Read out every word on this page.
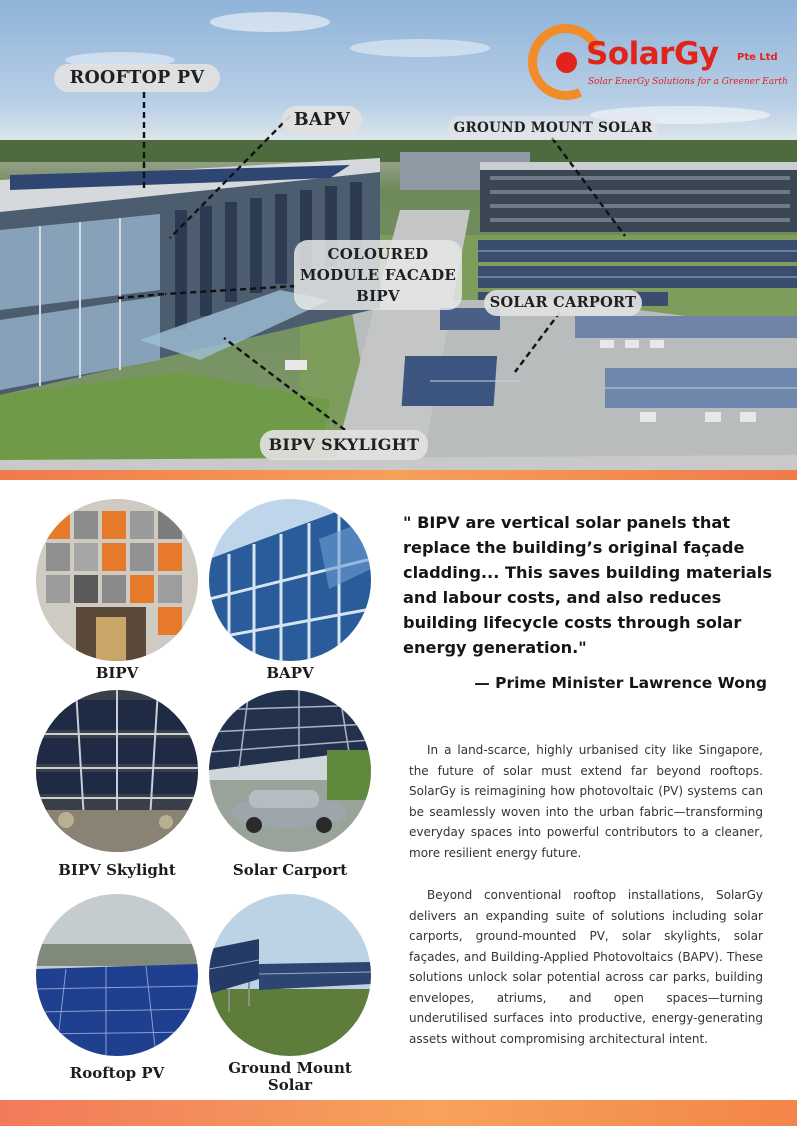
ROOFTOP PV
BAPV	GROUND MOUNT SOLAR
COLOURED
MODULE FACADE
BIPV	SOLAR CARPORT
BIPV SKYLIGHT
SolarGy Pte Ltd
Solar EnerGy Solutions for a Greener Earth
BIPV	BAPV
BIPV Skylight	Solar Carport
Rooftop PV	Ground Mount
Solar
" BIPV are vertical solar panels that replace the building’s original façade cladding... This saves building materials and labour costs, and also reduces building lifecycle costs through solar energy generation."
— Prime Minister Lawrence Wong

In a land-scarce, highly urbanised city like Singapore, the future of solar must extend far beyond rooftops. SolarGy is reimagining how photovoltaic (PV) systems can be seamlessly woven into the urban fabric—transforming everyday spaces into powerful contributors to a cleaner, more resilient energy future.

Beyond conventional rooftop installations, SolarGy delivers an expanding suite of solutions including solar carports, ground-mounted PV, solar skylights, solar façades, and Building-Applied Photovoltaics (BAPV). These solutions unlock solar potential across car parks, building envelopes, atriums, and open spaces—turning underutilised surfaces into productive, energy-generating assets without compromising architectural intent.
